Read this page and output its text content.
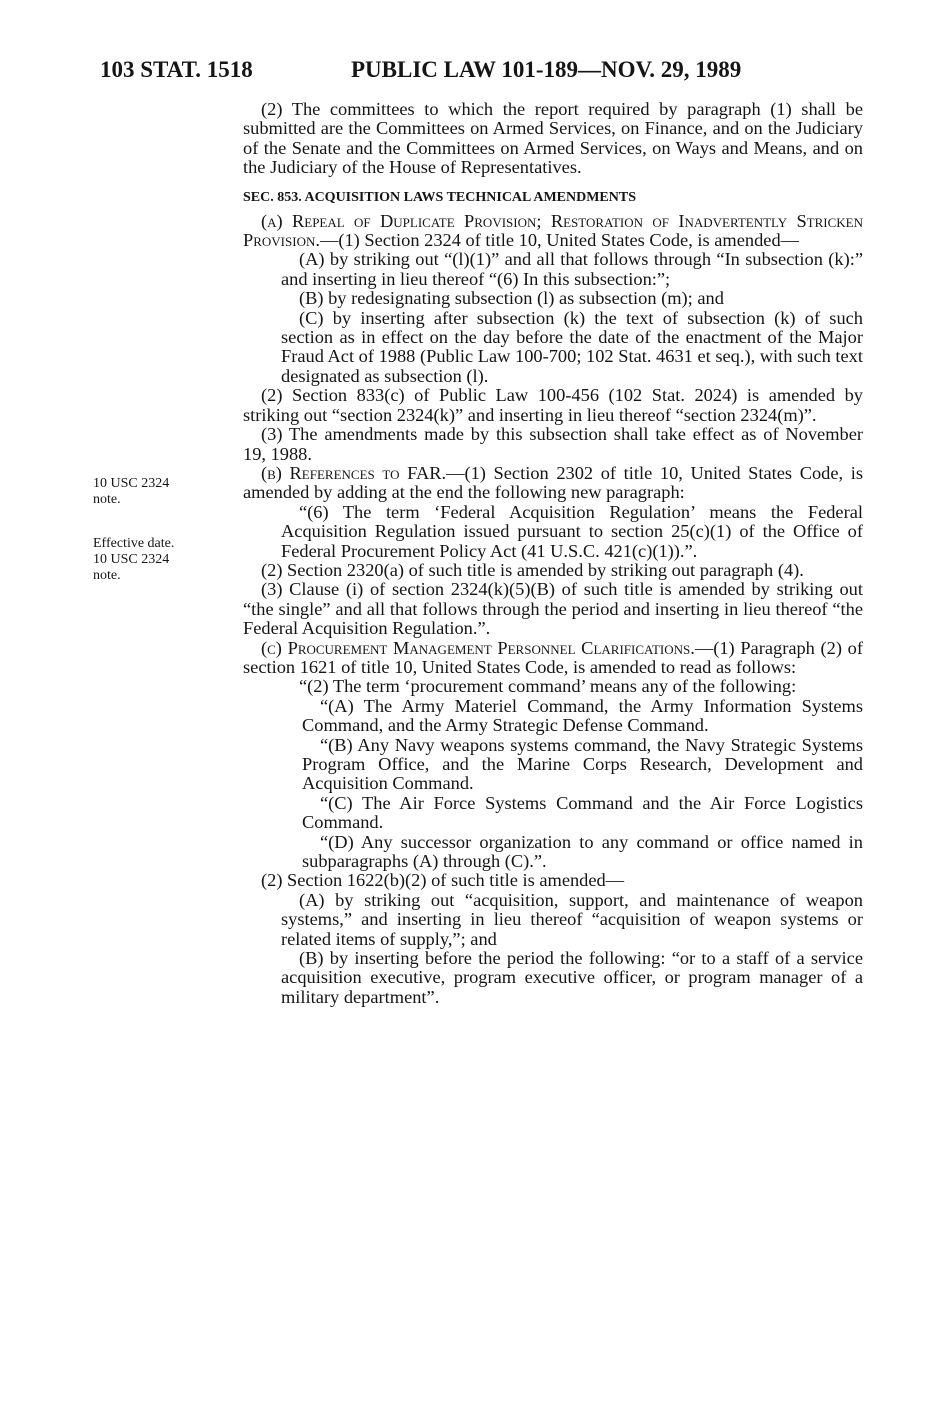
103 STAT. 1518	PUBLIC LAW 101-189—NOV. 29, 1989
10 USC 2324
note.
Effective date.
10 USC 2324
note.

(2) The committees to which the report required by paragraph (1) shall be submitted are the Committees on Armed Services, on Finance, and on the Judiciary of the Senate and the Committees on Armed Services, on Ways and Means, and on the Judiciary of the House of Representatives.

SEC. 853. ACQUISITION LAWS TECHNICAL AMENDMENTS

(a) Repeal of Duplicate Provision; Restoration of Inadvertently Stricken Provision.—(1) Section 2324 of title 10, United States Code, is amended—

(A) by striking out “(l)(1)” and all that follows through “In subsection (k):” and inserting in lieu thereof “(6) In this subsection:”;

(B) by redesignating subsection (l) as subsection (m); and

(C) by inserting after subsection (k) the text of subsection (k) of such section as in effect on the day before the date of the enactment of the Major Fraud Act of 1988 (Public Law 100-700; 102 Stat. 4631 et seq.), with such text designated as subsection (l).

(2) Section 833(c) of Public Law 100-456 (102 Stat. 2024) is amended by striking out “section 2324(k)” and inserting in lieu thereof “section 2324(m)”.

(3) The amendments made by this subsection shall take effect as of November 19, 1988.

(b) References to FAR.—(1) Section 2302 of title 10, United States Code, is amended by adding at the end the following new paragraph:

“(6) The term ‘Federal Acquisition Regulation’ means the Federal Acquisition Regulation issued pursuant to section 25(c)(1) of the Office of Federal Procurement Policy Act (41 U.S.C. 421(c)(1)).”.

(2) Section 2320(a) of such title is amended by striking out paragraph (4).

(3) Clause (i) of section 2324(k)(5)(B) of such title is amended by striking out “the single” and all that follows through the period and inserting in lieu thereof “the Federal Acquisition Regulation.”.

(c) Procurement Management Personnel Clarifications.—(1) Paragraph (2) of section 1621 of title 10, United States Code, is amended to read as follows:

“(2) The term ‘procurement command’ means any of the following:

“(A) The Army Materiel Command, the Army Information Systems Command, and the Army Strategic Defense Command.

“(B) Any Navy weapons systems command, the Navy Strategic Systems Program Office, and the Marine Corps Research, Development and Acquisition Command.

“(C) The Air Force Systems Command and the Air Force Logistics Command.

“(D) Any successor organization to any command or office named in subparagraphs (A) through (C).”.

(2) Section 1622(b)(2) of such title is amended—

(A) by striking out “acquisition, support, and maintenance of weapon systems,” and inserting in lieu thereof “acquisition of weapon systems or related items of supply,”; and

(B) by inserting before the period the following: “or to a staff of a service acquisition executive, program executive officer, or program manager of a military department”.
